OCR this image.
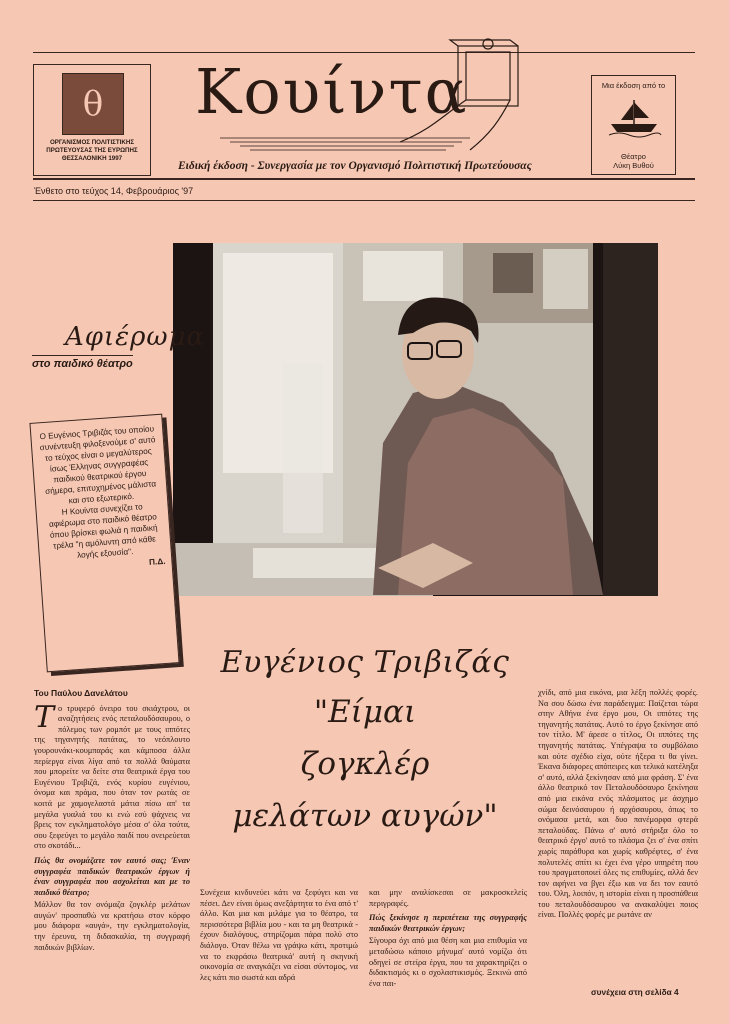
θ
ΟΡΓΑΝΙΣΜΟΣ ΠΟΛΙΤΙΣΤΙΚΗΣ
ΠΡΩΤΕΥΟΥΣΑΣ ΤΗΣ ΕΥΡΩΠΗΣ
ΘΕΣΣΑΛΟΝΙΚΗ 1997
Κουίντα
Ειδική έκδοση - Συνεργασία με τον Οργανισμό Πολιτιστική Πρωτεύουσας
Μια έκδοση από το
Θέατρο
Λύκη Βυθού
Ένθετο στο τεύχος 14, Φεβρουάριος '97
Αφιέρωμα
στο παιδικό θέατρο

Ο Ευγένιος Τριβιζάς του οποίου συνέντευξη φιλοξενούμε σ' αυτό το τεύχος είναι ο μεγαλύτερος ίσως Έλληνας συγγραφέας παιδικού θεατρικού έργου σήμερα, επιτυχημένος μάλιστα και στο εξωτερικό.

Η Κουίντα συνεχίζει το αφιέρωμα στο παιδικό θέατρο όπου βρίσκει φωλιά η παιδική τρέλα "η αμόλυντη από κάθε λογής εξουσία".

Π.Δ.

Ευγένιος Τριβιζάς
"Είμαι
ζογκλέρ
μελάτων αυγών"
Του Παύλου Δανελάτου

Το τρυφερό όνειρο του σκιάχτρου, οι αναζητήσεις ενός πεταλουδόσαυρου, ο πόλεμος των ρομπότ με τους ιππότες της τηγανητής πατάτας, το νεόπλουτο γουρουνάκι-κουμπαράς και κάμποσα άλλα περίεργα είναι λίγα από τα πολλά θαύματα που μπορείτε να δείτε στα θεατρικά έργα του Ευγένιου Τριβιζά, ενός κυρίου ευγένιου, όνομα και πράμα, που όταν τον ρωτάς σε κοιτά με χαμογελαστά μάτια πίσω απ' τα μεγάλα γυαλιά του κι ενώ εσύ ψάχνεις να βρεις τον εγκληματολόγο μέσα σ' όλα τούτα, σου ξεφεύγει το μεγάλο παιδί που ονειρεύεται στο σκοτάδι...

Πώς θα ονομάζατε τον εαυτό σας; Έναν συγγραφέα παιδικών θεατρικών έργων ή έναν συγγραφέα που ασχολείται και με το παιδικό θέατρο;

Μάλλον θα τον ονόμαζα ζογκλέρ μελάτων αυγών' προσπαθώ να κρατήσω στον κόρφο μου διάφορα «αυγά», την εγκληματολογία, την έρευνα, τη διδασκαλία, τη συγγραφή παιδικών βιβλίων.

Συνέχεια κινδυνεύει κάτι να ξεφύγει και να πέσει. Δεν είναι όμως ανεξάρτητα το ένα από τ' άλλο. Και μια και μιλάμε για το θέατρο, τα περισσότερα βιβλία μου - και τα μη θεατρικά - έχουν διαλόγους, στηρίζομαι πάρα πολύ στο διάλογο. Όταν θέλω να γράψω κάτι, προτιμώ να το εκφράσω θεατρικά' αυτή η σκηνική οικονομία σε αναγκάζει να είσαι σύντομος, να λες κάτι πιο σωστά και αδρά

και μην αναλίσκεσαι σε μακροσκελείς περιγραφές.

Πώς ξεκίνησε η περιπέτεια της συγγραφής παιδικών θεατρικών έργων;

Σίγουρα όχι από μια θέση και μια επιθυμία να μεταδώσω κάποιο μήνυμα' αυτό νομίζω ότι οδηγεί σε στείρα έργα, που τα χαρακτηρίζει ο διδακτισμός κι ο σχολαστικισμός. Ξεκινώ από ένα παι-

χνίδι, από μια εικόνα, μια λέξη πολλές φορές. Να σου δώσω ένα παράδειγμα: Παίζεται τώρα στην Αθήνα ένα έργο μου, Οι ιππότες της τηγανητής πατάτας. Αυτό το έργο ξεκίνησε από τον τίτλο. Μ' άρεσε ο τίτλος, Οι ιππότες της τηγανητής πατάτας. Υπέγραψα το συμβόλαιο και ούτε σχέδιο είχα, ούτε ήξερα τι θα γίνει. Έκανα διάφορες απόπειρες και τελικά κατέληξα σ' αυτό, αλλά ξεκίνησαν από μια φράση. Σ' ένα άλλο θεατρικό τον Πεταλουδόσαυρο ξεκίνησα από μια εικόνα ενός πλάσματος με άσχημο σώμα δεινόσαυρου ή αρχόσαυρου, όπως το ονόμασα μετά, και δυο πανέμορφα φτερά πεταλούδας. Πάνω σ' αυτό στήριξα όλο το θεατρικό έργο' αυτό το πλάσμα ζει σ' ένα σπίτι χωρίς παράθυρα και χωρίς καθρέφτες, σ' ένα πολυτελές σπίτι κι έχει ένα γέρο υπηρέτη που του πραγματοποιεί όλες τις επιθυμίες, αλλά δεν τον αφήνει να βγει έξω και να δει τον εαυτό του. Όλη, λοιπόν, η ιστορία είναι η προσπάθεια του πεταλουδόσαυρου να ανακαλύψει ποιος είναι. Πολλές φορές με ρωτάνε αν

συνέχεια στη σελίδα 4
